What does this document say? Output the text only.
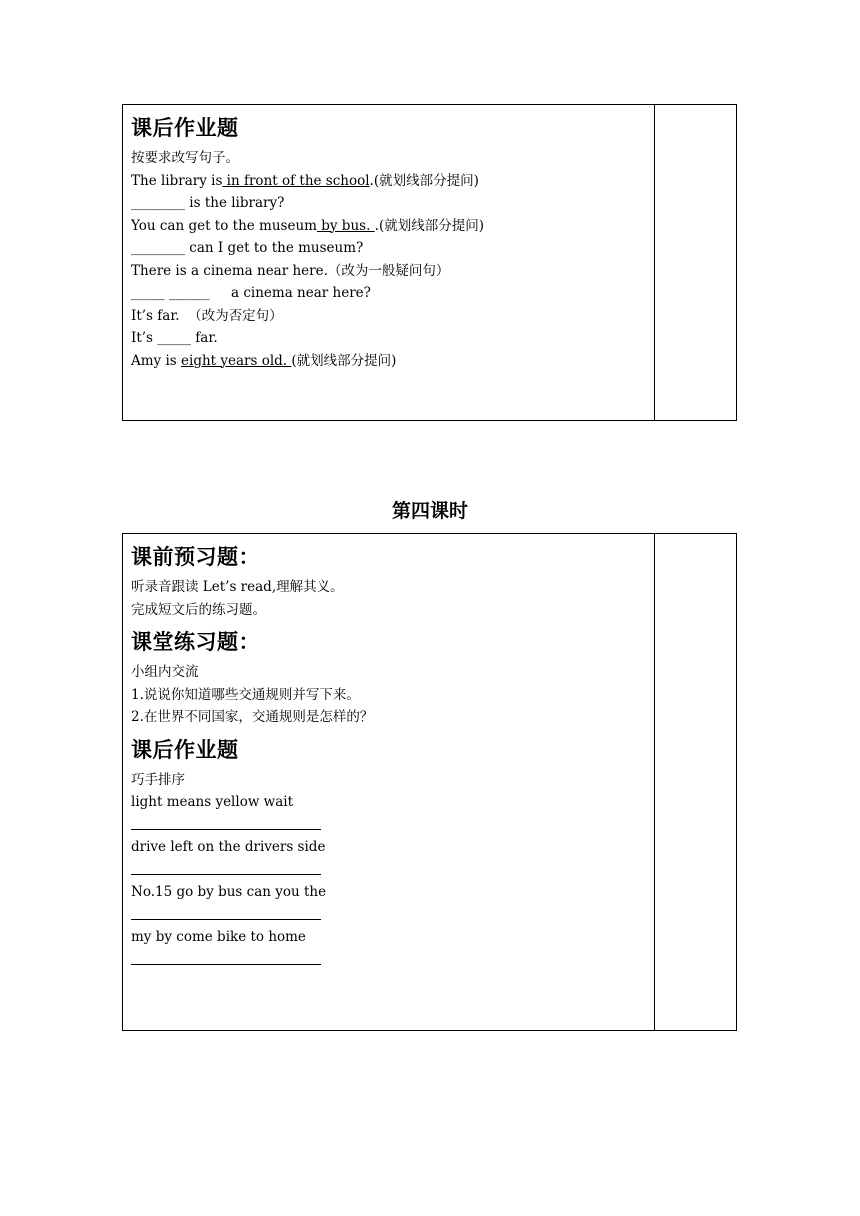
课后作业题
按要求改写句子。
The library is in front of the school.(就划线部分提问)
________ is the library?
You can get to the museum by bus. .(就划线部分提问)
________ can I get to the museum?
There is a cinema near here.（改为一般疑问句）
_____ ______     a cinema near here?
It’s far.  （改为否定句）
It’s _____ far.
Amy is eight years old. (就划线部分提问)
第四课时
课前预习题：
听录音跟读 Let’s read,理解其义。
完成短文后的练习题。
课堂练习题：
小组内交流
1.说说你知道哪些交通规则并写下来。
2.在世界不同国家，交通规则是怎样的？
课后作业题
巧手排序
light means yellow wait
drive left on the drivers side
No.15 go by bus can you the
my by come bike to home
